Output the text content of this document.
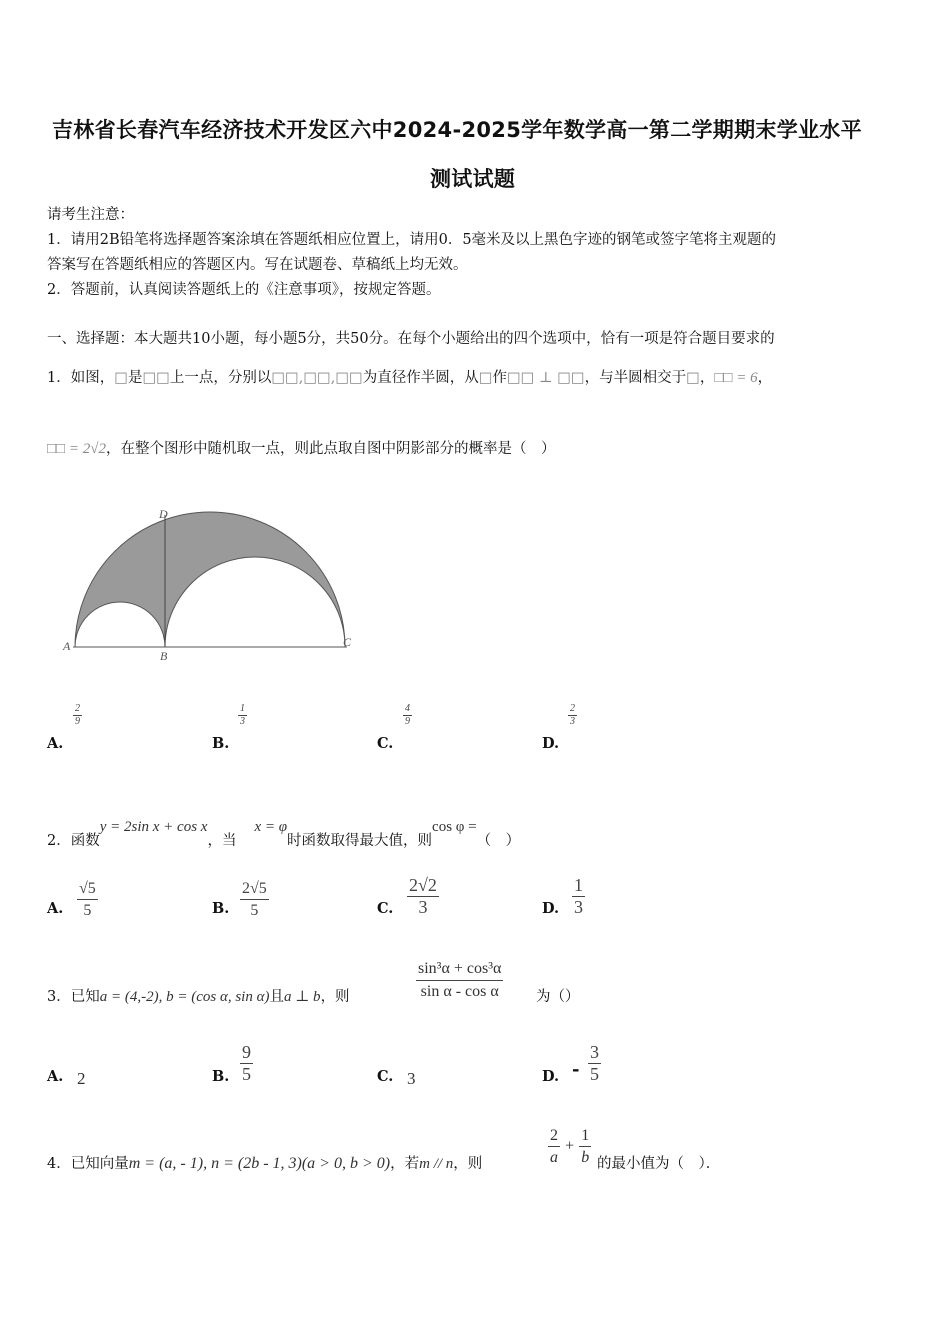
吉林省长春汽车经济技术开发区六中2024-2025学年数学高一第二学期期末学业水平
测试试题
请考生注意：
1．请用2B铅笔将选择题答案涂填在答题纸相应位置上，请用0．5毫米及以上黑色字迹的钢笔或签字笔将主观题的
答案写在答题纸相应的答题区内。写在试题卷、草稿纸上均无效。
2．答题前，认真阅读答题纸上的《注意事项》，按规定答题。
一、选择题：本大题共10小题，每小题5分，共50分。在每个小题给出的四个选项中，恰有一项是符合题目要求的
1．如图，□是□□上一点，分别以□□,□□,□□为直径作半圆，从□作□□ ⊥ □□，与半圆相交于□，□□ = 6，
□□ = 2√2，在整个图形中随机取一点，则此点取自图中阴影部分的概率是（　）
A
B
C
D
A.
2
9
B.
1
3
C.
4
9
D.
2
3
2．函数y = 2sin x + cos x，当x = φ时函数取得最大值，则cos φ =（　）
A.
√5
5	B.
2√5
5	C.
2√2
3	D.
1
3
3．已知a = (4,-2), b = (cos α, sin α)且a ⊥ b，则	$\frac{\text{sin³α + cos³α}}{\text{sin α - cos α}}$ 为（）
A. 2	B.
9
5	C. 3	D. -
3
5
4．已知向量m = (a, - 1), n = (2b - 1, 3)(a > 0, b > 0)，若m // n，则	$\frac{2}{a} + \frac{1}{b}$ 的最小值为（　）．
